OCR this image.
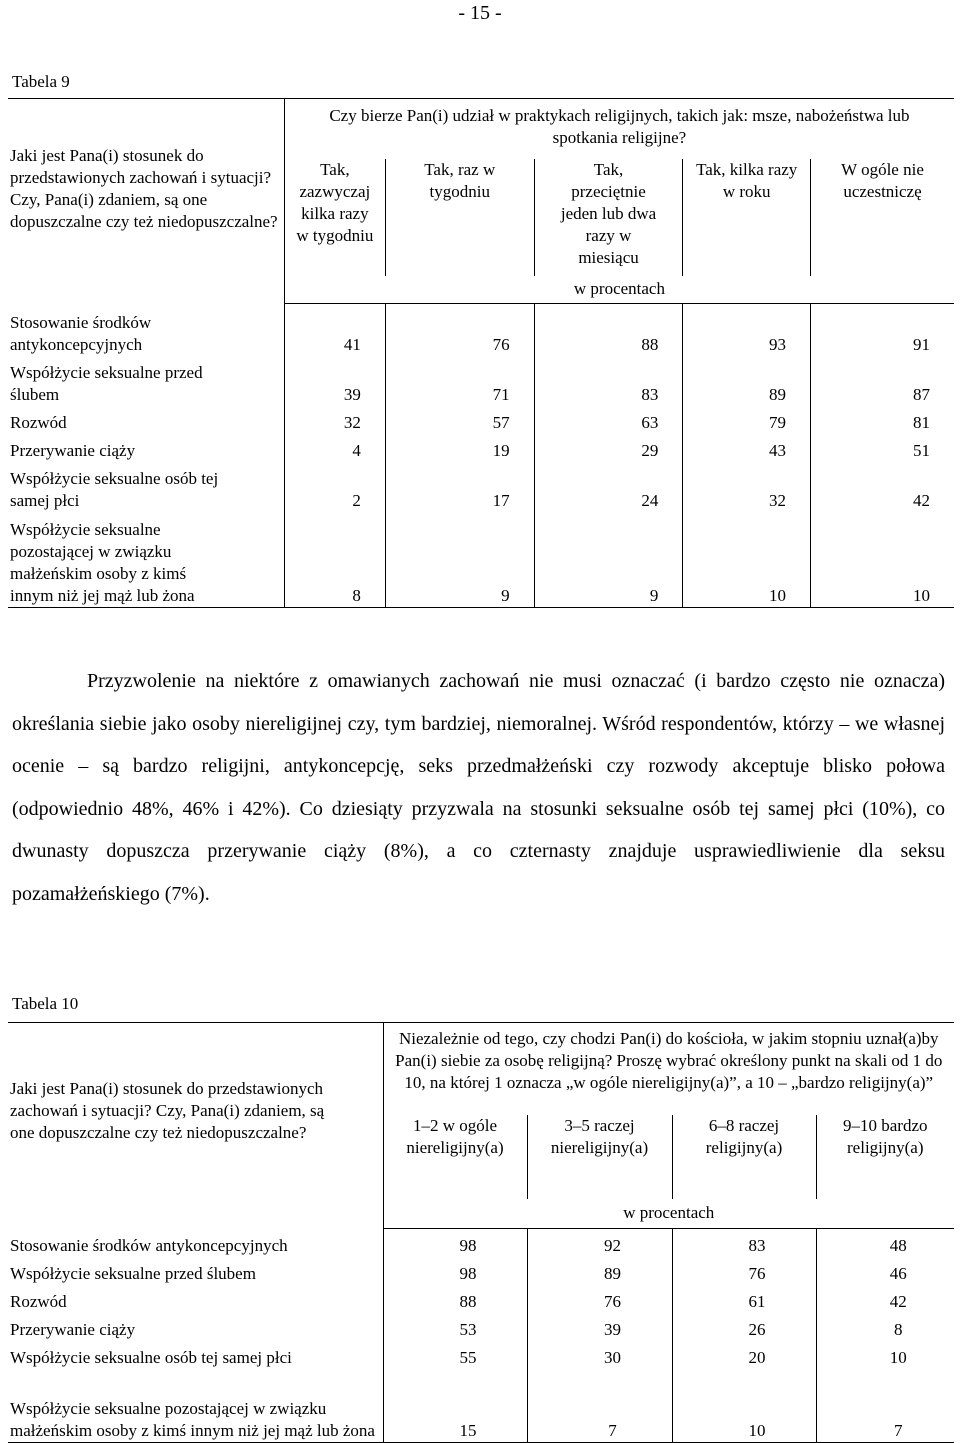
- 15 -
Tabela 9
Jaki jest Pana(i) stosunek do przedstawionych zachowań i sytuacji? Czy, Pana(i) zdaniem, są one dopuszczalne czy też niedopuszczalne?	Czy bierze Pan(i) udział w praktykach religijnych, takich jak: msze, nabożeństwa lub spotkania religijne?				
	Tak, zazwyczaj kilka razy w tygodniu	Tak, raz w tygodniu	Tak, przeciętnie jeden lub dwa razy w miesiącu	Tak, kilka razy w roku	W ogóle nie uczestniczę
	w procentach				
Stosowanie środków antykoncepcyjnych	41	76	88	93	91
Współżycie seksualne przed ślubem	39	71	83	89	87
Rozwód	32	57	63	79	81
Przerywanie ciąży	4	19	29	43	51
Współżycie seksualne osób tej samej płci	2	17	24	32	42
Współżycie seksualne pozostającej w związku małżeńskim osoby z kimś innym niż jej mąż lub żona	8	9	9	10	10

Przyzwolenie na niektóre z omawianych zachowań nie musi oznaczać (i bardzo często nie oznacza) określania siebie jako osoby niereligijnej czy, tym bardziej, niemoralnej. Wśród respondentów, którzy – we własnej ocenie – są bardzo religijni, antykoncepcję, seks przedmałżeński czy rozwody akceptuje blisko połowa (odpowiednio 48%, 46% i 42%). Co dziesiąty przyzwala na stosunki seksualne osób tej samej płci (10%), co dwunasty dopuszcza przerywanie ciąży (8%), a co czternasty znajduje usprawiedliwienie dla seksu pozamałżeńskiego (7%).

Tabela 10
Jaki jest Pana(i) stosunek do przedstawionych zachowań i sytuacji? Czy, Pana(i) zdaniem, są one dopuszczalne czy też niedopuszczalne?	Niezależnie od tego, czy chodzi Pan(i) do kościoła, w jakim stopniu uznał(a)by Pan(i) siebie za osobę religijną? Proszę wybrać określony punkt na skali od 1 do 10, na której 1 oznacza „w ogóle niereligijny(a)”, a 10 – „bardzo religijny(a)”			
	1–2 w ogóle niereligijny(a)	3–5 raczej niereligijny(a)	6–8 raczej religijny(a)	9–10 bardzo religijny(a)
	w procentach			
Stosowanie środków antykoncepcyjnych	98	92	83	48
Współżycie seksualne przed ślubem	98	89	76	46
Rozwód	88	76	61	42
Przerywanie ciąży	53	39	26	8
Współżycie seksualne osób tej samej płci	55	30	20	10
Współżycie seksualne pozostającej w związku małżeńskim osoby z kimś innym niż jej mąż lub żona	15	7	10	7
